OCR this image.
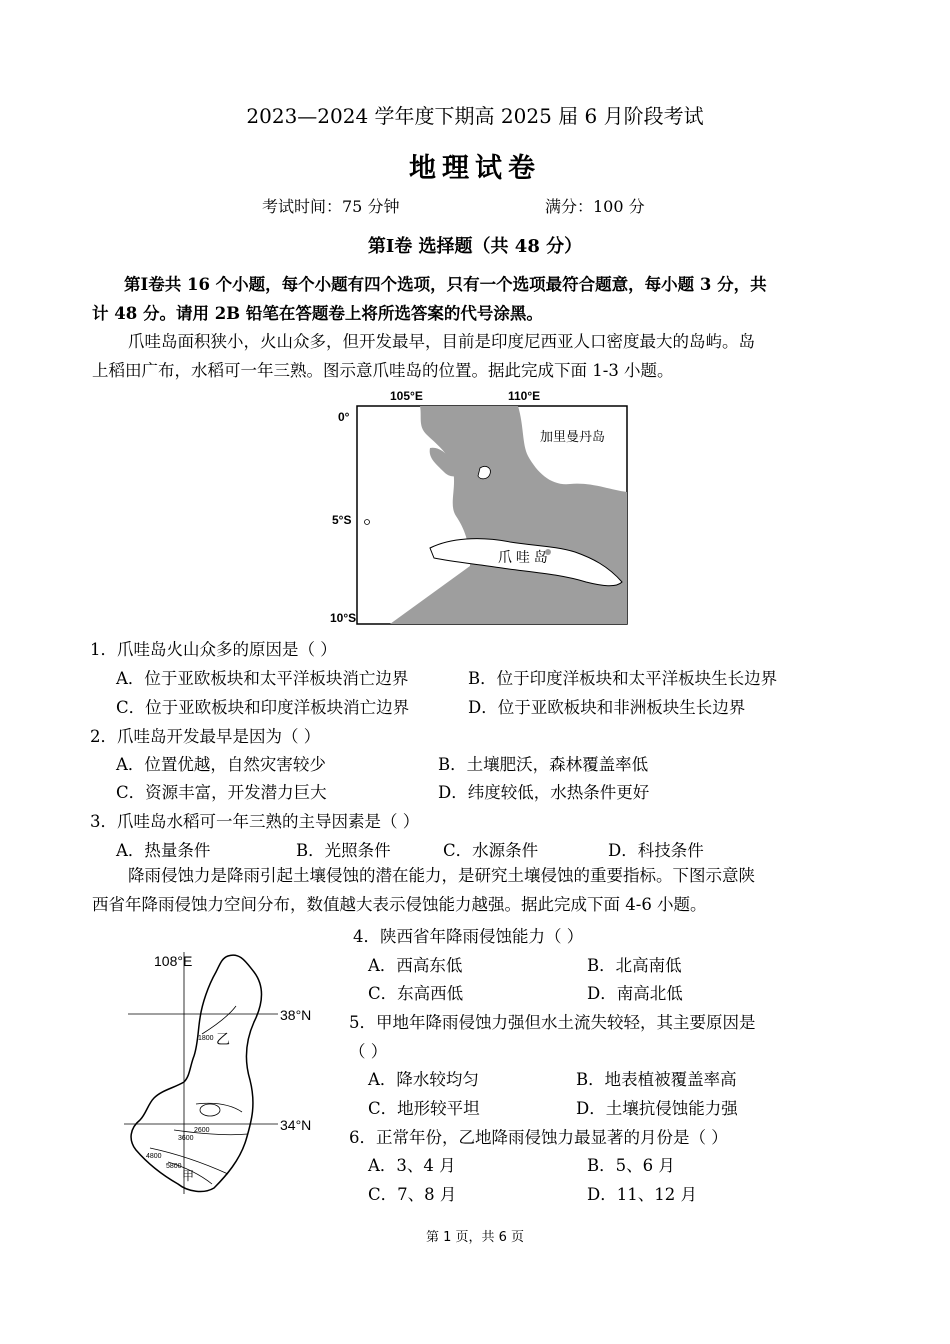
2023—2024 学年度下期高 2025 届 6 月阶段考试
地理试卷
考试时间：75 分钟	满分：100 分
第Ⅰ卷 选择题（共 48 分）
第Ⅰ卷共 16 个小题，每个小题有四个选项，只有一个选项最符合题意，每小题 3 分，共
计 48 分。请用 2B 铅笔在答题卷上将所选答案的代号涂黑。
爪哇岛面积狭小，火山众多，但开发最早，目前是印度尼西亚人口密度最大的岛屿。岛
上稻田广布，水稻可一年三熟。图示意爪哇岛的位置。据此完成下面 1-3 小题。
105°E	110°E
0°
5°S
10°S
加里曼丹岛
爪 哇 岛
1．爪哇岛火山众多的原因是（ ）
A．位于亚欧板块和太平洋板块消亡边界	B．位于印度洋板块和太平洋板块生长边界
C．位于亚欧板块和印度洋板块消亡边界	D．位于亚欧板块和非洲板块生长边界
2．爪哇岛开发最早是因为（ ）
A．位置优越，自然灾害较少	B．土壤肥沃，森林覆盖率低
C．资源丰富，开发潜力巨大	D．纬度较低，水热条件更好
3．爪哇岛水稻可一年三熟的主导因素是（ ）
A．热量条件	B．光照条件	C．水源条件	D．科技条件
降雨侵蚀力是降雨引起土壤侵蚀的潜在能力，是研究土壤侵蚀的重要指标。下图示意陕
西省年降雨侵蚀力空间分布，数值越大表示侵蚀能力越强。据此完成下面 4-6 小题。
108°E
38°N
34°N
乙
甲
1800
2600
3600
4800
5800
4．陕西省年降雨侵蚀能力（ ）
A．西高东低	B．北高南低
C．东高西低	D．南高北低
5．甲地年降雨侵蚀力强但水土流失较轻，其主要原因是
（ ）
A．降水较均匀	B．地表植被覆盖率高
C．地形较平坦	D．土壤抗侵蚀能力强
6．正常年份，乙地降雨侵蚀力最显著的月份是（ ）
A．3、4 月	B．5、6 月
C．7、8 月	D．11、12 月
第 1 页，共 6 页
